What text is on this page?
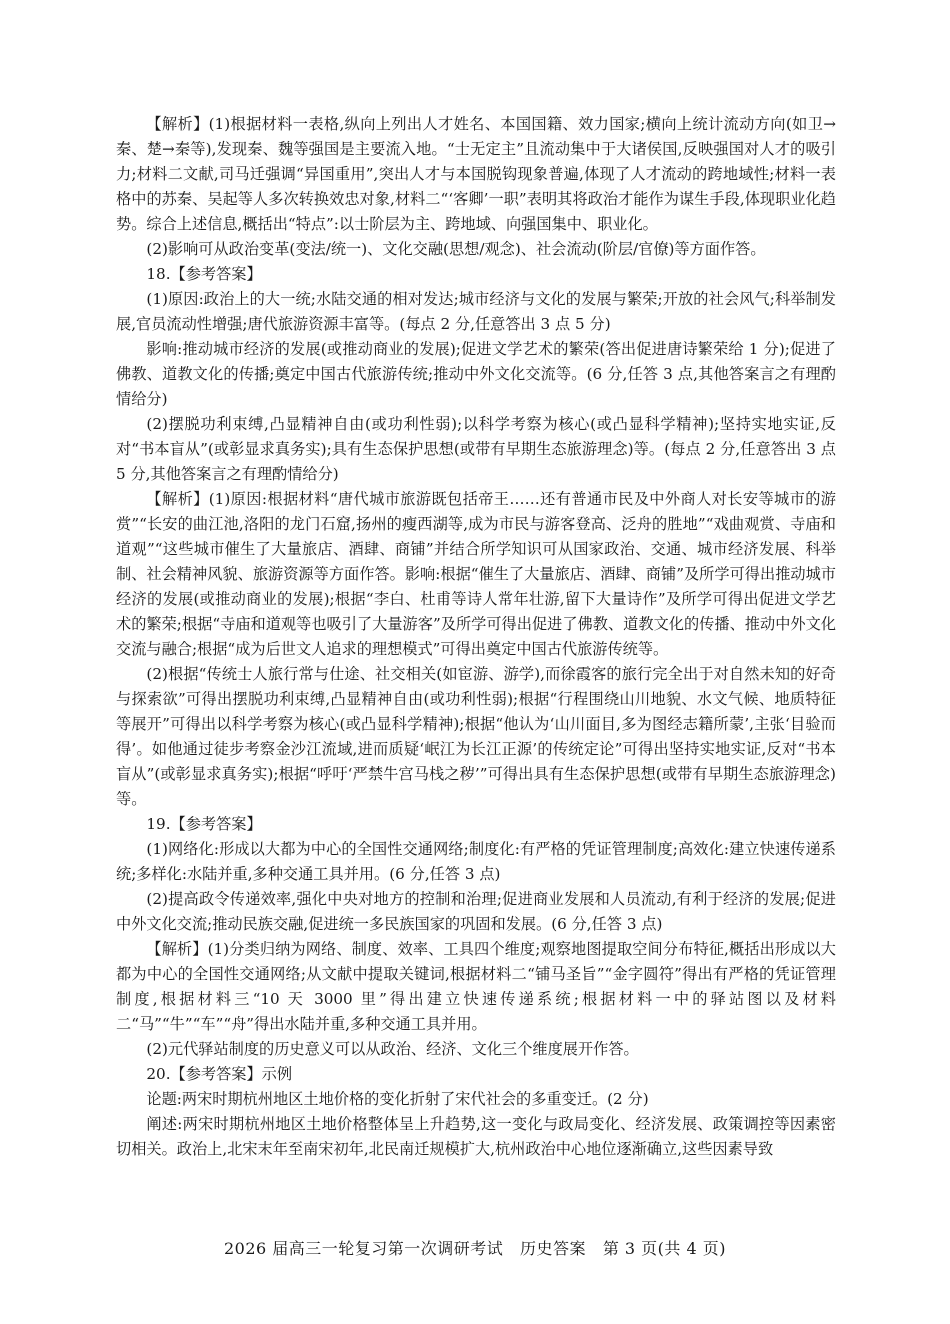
【解析】(1)根据材料一表格,纵向上列出人才姓名、本国国籍、效力国家;横向上统计流动方向(如卫→秦、楚→秦等),发现秦、魏等强国是主要流入地。“士无定主”且流动集中于大诸侯国,反映强国对人才的吸引力;材料二文献,司马迁强调“异国重用”,突出人才与本国脱钩现象普遍,体现了人才流动的跨地域性;材料一表格中的苏秦、吴起等人多次转换效忠对象,材料二“‘客卿’一职”表明其将政治才能作为谋生手段,体现职业化趋势。综合上述信息,概括出“特点”:以士阶层为主、跨地域、向强国集中、职业化。

(2)影响可从政治变革(变法/统一)、文化交融(思想/观念)、社会流动(阶层/官僚)等方面作答。

18.【参考答案】

(1)原因:政治上的大一统;水陆交通的相对发达;城市经济与文化的发展与繁荣;开放的社会风气;科举制发展,官员流动性增强;唐代旅游资源丰富等。(每点 2 分,任意答出 3 点 5 分)

影响:推动城市经济的发展(或推动商业的发展);促进文学艺术的繁荣(答出促进唐诗繁荣给 1 分);促进了佛教、道教文化的传播;奠定中国古代旅游传统;推动中外文化交流等。(6 分,任答 3 点,其他答案言之有理酌情给分)

(2)摆脱功利束缚,凸显精神自由(或功利性弱);以科学考察为核心(或凸显科学精神);坚持实地实证,反对“书本盲从”(或彰显求真务实);具有生态保护思想(或带有早期生态旅游理念)等。(每点 2 分,任意答出 3 点 5 分,其他答案言之有理酌情给分)

【解析】(1)原因:根据材料“唐代城市旅游既包括帝王……还有普通市民及中外商人对长安等城市的游赏”“长安的曲江池,洛阳的龙门石窟,扬州的瘦西湖等,成为市民与游客登高、泛舟的胜地”“戏曲观赏、寺庙和道观”“这些城市催生了大量旅店、酒肆、商铺”并结合所学知识可从国家政治、交通、城市经济发展、科举制、社会精神风貌、旅游资源等方面作答。影响:根据“催生了大量旅店、酒肆、商铺”及所学可得出推动城市经济的发展(或推动商业的发展);根据“李白、杜甫等诗人常年壮游,留下大量诗作”及所学可得出促进文学艺术的繁荣;根据“寺庙和道观等也吸引了大量游客”及所学可得出促进了佛教、道教文化的传播、推动中外文化交流与融合;根据“成为后世文人追求的理想模式”可得出奠定中国古代旅游传统等。

(2)根据“传统士人旅行常与仕途、社交相关(如宦游、游学),而徐霞客的旅行完全出于对自然未知的好奇与探索欲”可得出摆脱功利束缚,凸显精神自由(或功利性弱);根据“行程围绕山川地貌、水文气候、地质特征等展开”可得出以科学考察为核心(或凸显科学精神);根据“他认为‘山川面目,多为图经志籍所蒙’,主张‘目验而得’。如他通过徒步考察金沙江流域,进而质疑‘岷江为长江正源’的传统定论”可得出坚持实地实证,反对“书本盲从”(或彰显求真务实);根据“呼吁‘严禁牛宫马栈之秽’”可得出具有生态保护思想(或带有早期生态旅游理念)等。

19.【参考答案】

(1)网络化:形成以大都为中心的全国性交通网络;制度化:有严格的凭证管理制度;高效化:建立快速传递系统;多样化:水陆并重,多种交通工具并用。(6 分,任答 3 点)

(2)提高政令传递效率,强化中央对地方的控制和治理;促进商业发展和人员流动,有利于经济的发展;促进中外文化交流;推动民族交融,促进统一多民族国家的巩固和发展。(6 分,任答 3 点)

【解析】(1)分类归纳为网络、制度、效率、工具四个维度;观察地图提取空间分布特征,概括出形成以大都为中心的全国性交通网络;从文献中提取关键词,根据材料二“铺马圣旨”“金字圆符”得出有严格的凭证管理制度,根据材料三“10 天 3000 里”得出建立快速传递系统;根据材料一中的驿站图以及材料二“马”“牛”“车”“舟”得出水陆并重,多种交通工具并用。

(2)元代驿站制度的历史意义可以从政治、经济、文化三个维度展开作答。

20.【参考答案】示例

论题:两宋时期杭州地区土地价格的变化折射了宋代社会的多重变迁。(2 分)

阐述:两宋时期杭州地区土地价格整体呈上升趋势,这一变化与政局变化、经济发展、政策调控等因素密切相关。政治上,北宋末年至南宋初年,北民南迁规模扩大,杭州政治中心地位逐渐确立,这些因素导致

2026 届高三一轮复习第一次调研考试 历史答案 第 3 页(共 4 页)
